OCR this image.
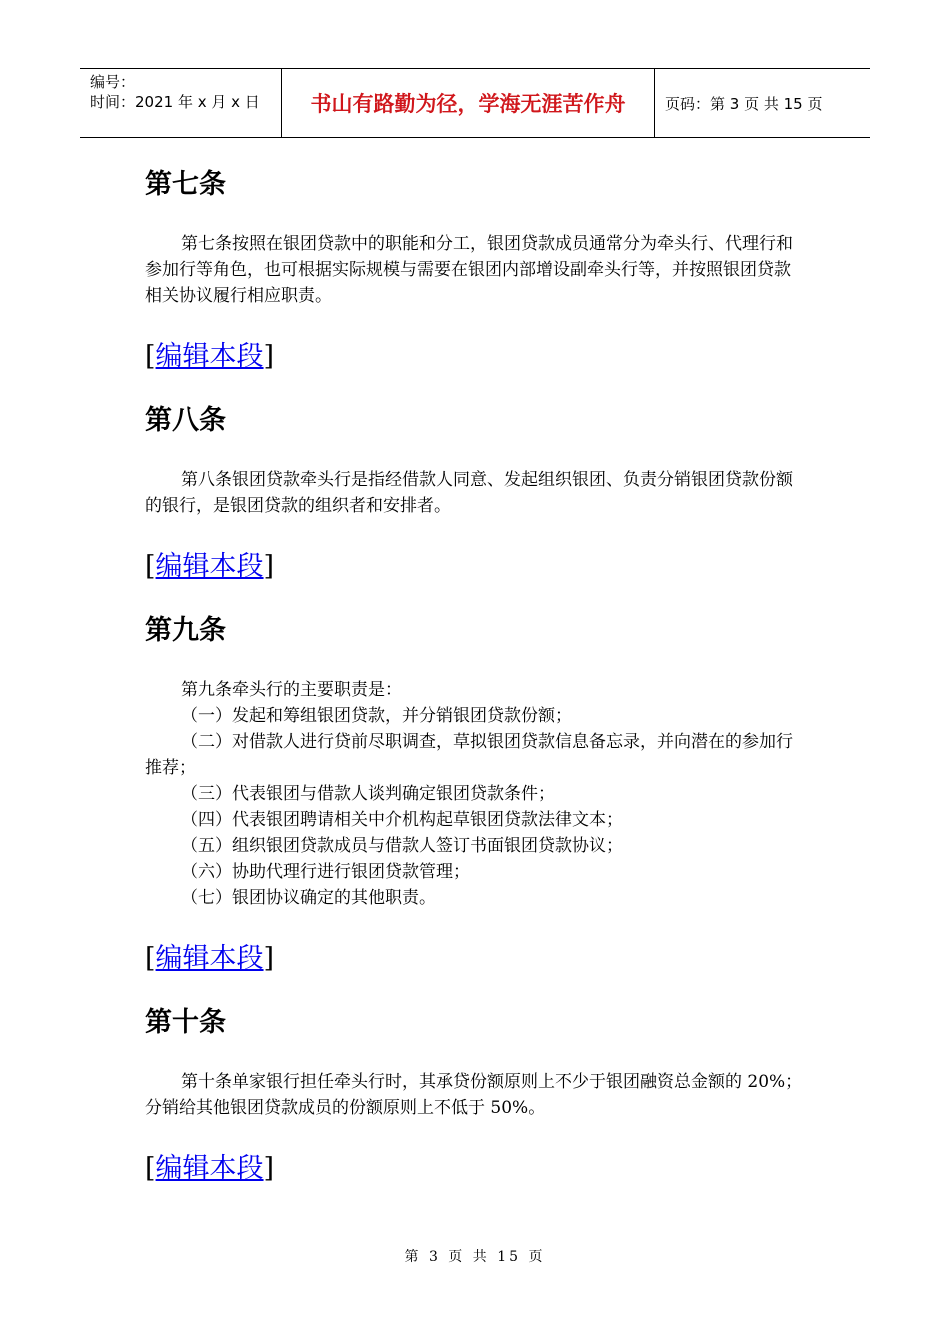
编号：
时间：2021 年 x 月 x 日	书山有路勤为径，学海无涯苦作舟	页码：第 3 页 共 15 页
第七条

第七条按照在银团贷款中的职能和分工，银团贷款成员通常分为牵头行、代理行和参加行等角色，也可根据实际规模与需要在银团内部增设副牵头行等，并按照银团贷款相关协议履行相应职责。

[编辑本段]

第八条

第八条银团贷款牵头行是指经借款人同意、发起组织银团、负责分销银团贷款份额的银行，是银团贷款的组织者和安排者。

[编辑本段]

第九条

第九条牵头行的主要职责是：

（一）发起和筹组银团贷款，并分销银团贷款份额；

（二）对借款人进行贷前尽职调查，草拟银团贷款信息备忘录，并向潜在的参加行推荐；

（三）代表银团与借款人谈判确定银团贷款条件；

（四）代表银团聘请相关中介机构起草银团贷款法律文本；

（五）组织银团贷款成员与借款人签订书面银团贷款协议；

（六）协助代理行进行银团贷款管理；

（七）银团协议确定的其他职责。

[编辑本段]

第十条

第十条单家银行担任牵头行时，其承贷份额原则上不少于银团融资总金额的 20%；分销给其他银团贷款成员的份额原则上不低于 50%。

[编辑本段]

第 3 页 共 15 页
